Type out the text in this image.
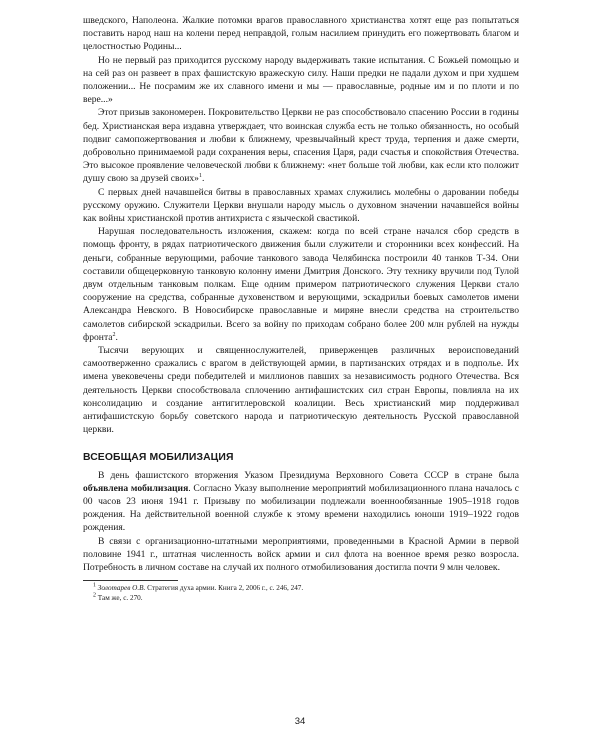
шведского, Наполеона. Жалкие потомки врагов православного христианства хотят еще раз попытаться поставить народ наш на колени перед неправдой, голым насилием принудить его пожертвовать благом и целостностью Родины...

Но не первый раз приходится русскому народу выдерживать такие испытания. С Божьей помощью и на сей раз он развеет в прах фашистскую вражескую силу. Наши предки не падали духом и при худшем положении... Не посрамим же их славного имени и мы — православные, родные им и по плоти и по вере...»

Этот призыв закономерен. Покровительство Церкви не раз способствовало спасению России в годины бед. Христианская вера издавна утверждает, что воинская служба есть не только обязанность, но особый подвиг самопожертвования и любви к ближнему, чрезвычайный крест труда, терпения и даже смерти, добровольно принимаемой ради сохранения веры, спасения Царя, ради счастья и спокойствия Отечества. Это высокое проявление человеческой любви к ближнему: «нет больше той любви, как если кто положит душу свою за друзей своих»$^1$.

С первых дней начавшейся битвы в православных храмах служились молебны о даровании победы русскому оружию. Служители Церкви внушали народу мысль о духовном значении начавшейся войны как войны христианской против антихриста с языческой свастикой.

Нарушая последовательность изложения, скажем: когда по всей стране начался сбор средств в помощь фронту, в рядах патриотического движения были служители и сторонники всех конфессий. На деньги, собранные верующими, рабочие танкового завода Челябинска построили 40 танков Т-34. Они составили общецерковную танковую колонну имени Дмитрия Донского. Эту технику вручили под Тулой двум отдельным танковым полкам. Еще одним примером патриотического служения Церкви стало сооружение на средства, собранные духовенством и верующими, эскадрильи боевых самолетов имени Александра Невского. В Новосибирске православные и миряне внесли средства на строительство самолетов сибирской эскадрильи. Всего за войну по приходам собрано более 200 млн рублей на нужды фронта$^2$.

Тысячи верующих и священнослужителей, приверженцев различных вероисповеданий самоотверженно сражались с врагом в действующей армии, в партизанских отрядах и в подполье. Их имена увековечены среди победителей и миллионов павших за независимость родного Отечества. Вся деятельность Церкви способствовала сплочению антифашистских сил стран Европы, повлияла на их консолидацию и создание антигитлеровской коалиции. Весь христианский мир поддерживал антифашистскую борьбу советского народа и патриотическую деятельность Русской православной церкви.

ВСЕОБЩАЯ МОБИЛИЗАЦИЯ

В день фашистского вторжения Указом Президиума Верховного Совета СССР в стране была объявлена мобилизация. Согласно Указу выполнение мероприятий мобилизационного плана началось с 00 часов 23 июня 1941 г. Призыву по мобилизации подлежали военнообязанные 1905–1918 годов рождения. На действительной военной службе к этому времени находились юноши 1919–1922 годов рождения.

В связи с организационно-штатными мероприятиями, проведенными в Красной Армии в первой половине 1941 г., штатная численность войск армии и сил флота на военное время резко возросла. Потребность в личном составе на случай их полного отмобилизования достигла почти 9 млн человек.

$^1$ Золотарев О.В. Стратегия духа армии. Книга 2, 2006 г., с. 246, 247.

$^2$ Там же, с. 270.

34
